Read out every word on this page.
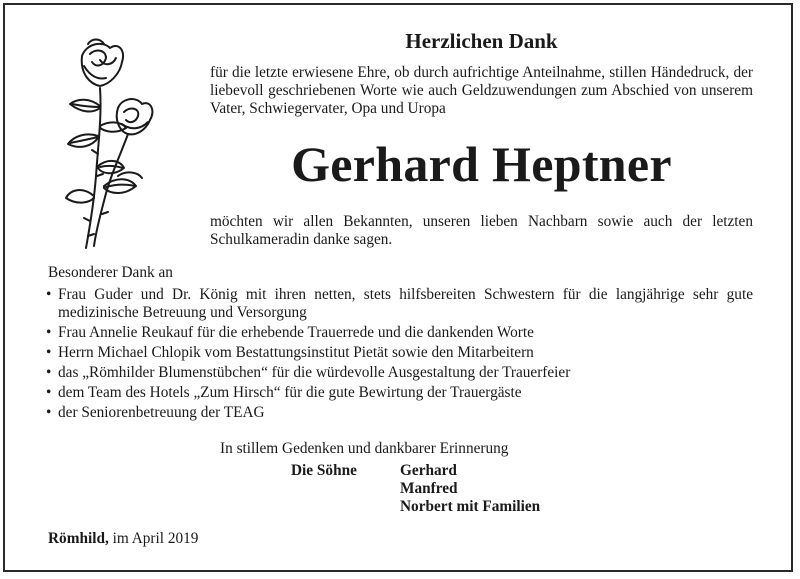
Herzlichen Dank
für die letzte erwiesene Ehre, ob durch aufrichtige Anteilnahme, stillen Händedruck, der liebevoll geschriebenen Worte wie auch Geldzuwendungen zum Abschied von unserem Vater, Schwiegervater, Opa und Uropa
Gerhard Heptner
möchten wir allen Bekannten, unseren lieben Nachbarn sowie auch der letzten Schulkameradin danke sagen.
Besonderer Dank an
• Frau Guder und Dr. König mit ihren netten, stets hilfsbereiten Schwestern für die langjährige sehr gute medizinische Betreuung und Versorgung
• Frau Annelie Reukauf für die erhebende Trauerrede und die dankenden Worte
• Herrn Michael Chlopik vom Bestattungsinstitut Pietät sowie den Mitarbeitern
• das „Römhilder Blumenstübchen“ für die würdevolle Ausgestaltung der Trauerfeier
• dem Team des Hotels „Zum Hirsch“ für die gute Bewirtung der Trauergäste
• der Seniorenbetreuung der TEAG
In stillem Gedenken und dankbarer Erinnerung
Die Söhne	Gerhard
Manfred
Norbert mit Familien
Römhild, im April 2019
